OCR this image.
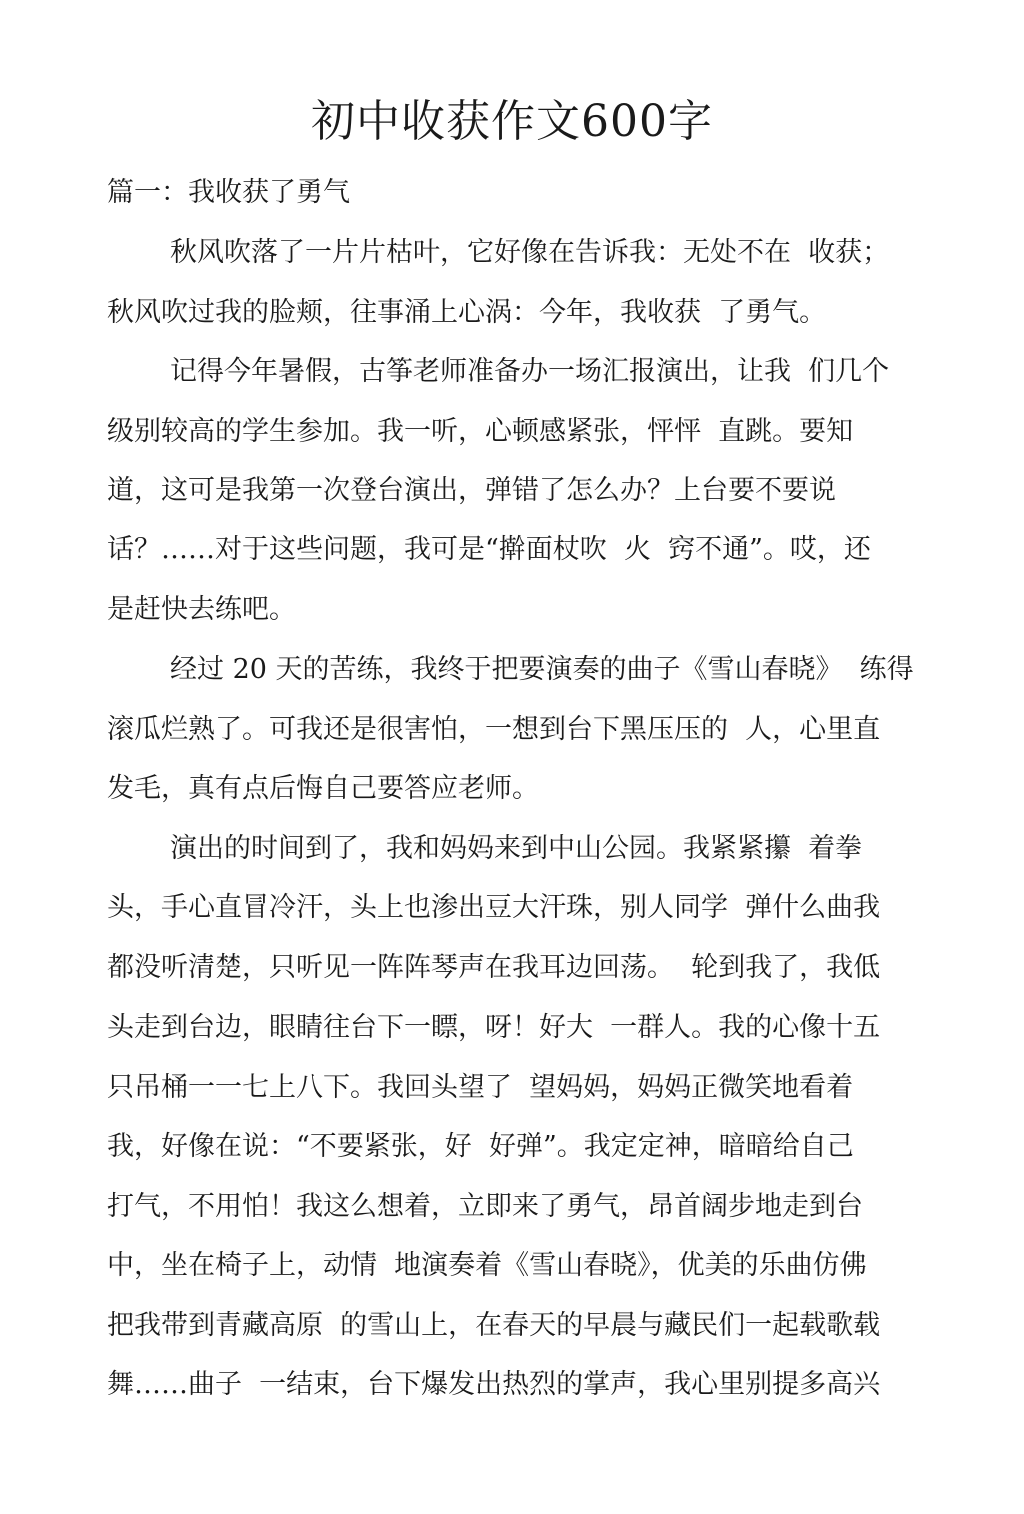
初中收获作文600字

篇一：我收获了勇气

秋风吹落了一片片枯叶，它好像在告诉我：无处不在  收获；

秋风吹过我的脸颊，往事涌上心涡：今年，我收获  了勇气。

记得今年暑假，古筝老师准备办一场汇报演出，让我  们几个

级别较高的学生参加。我一听，心顿感紧张，怦怦  直跳。要知

道，这可是我第一次登台演出，弹错了怎么办？上台要不要说

话？……对于这些问题，我可是“擀面杖吹  火  窍不通”。哎，还

是赶快去练吧。

经过 20 天的苦练，我终于把要演奏的曲子《雪山春晓》  练得

滚瓜烂熟了。可我还是很害怕，一想到台下黑压压的  人，心里直

发毛，真有点后悔自己要答应老师。

演出的时间到了，我和妈妈来到中山公园。我紧紧攥  着拳

头，手心直冒冷汗，头上也渗出豆大汗珠，别人同学  弹什么曲我

都没听清楚，只听见一阵阵琴声在我耳边回荡。  轮到我了，我低

头走到台边，眼睛往台下一瞟，呀！好大  一群人。我的心像十五

只吊桶一一七上八下。我回头望了  望妈妈，妈妈正微笑地看着

我，好像在说：“不要紧张，好  好弹”。我定定神，暗暗给自己

打气，不用怕！我这么想着，立即来了勇气，昂首阔步地走到台

中，坐在椅子上，动情  地演奏着《雪山春晓》，优美的乐曲仿佛

把我带到青藏高原  的雪山上，在春天的早晨与藏民们一起载歌载

舞……曲子  一结束，台下爆发出热烈的掌声，我心里别提多高兴
